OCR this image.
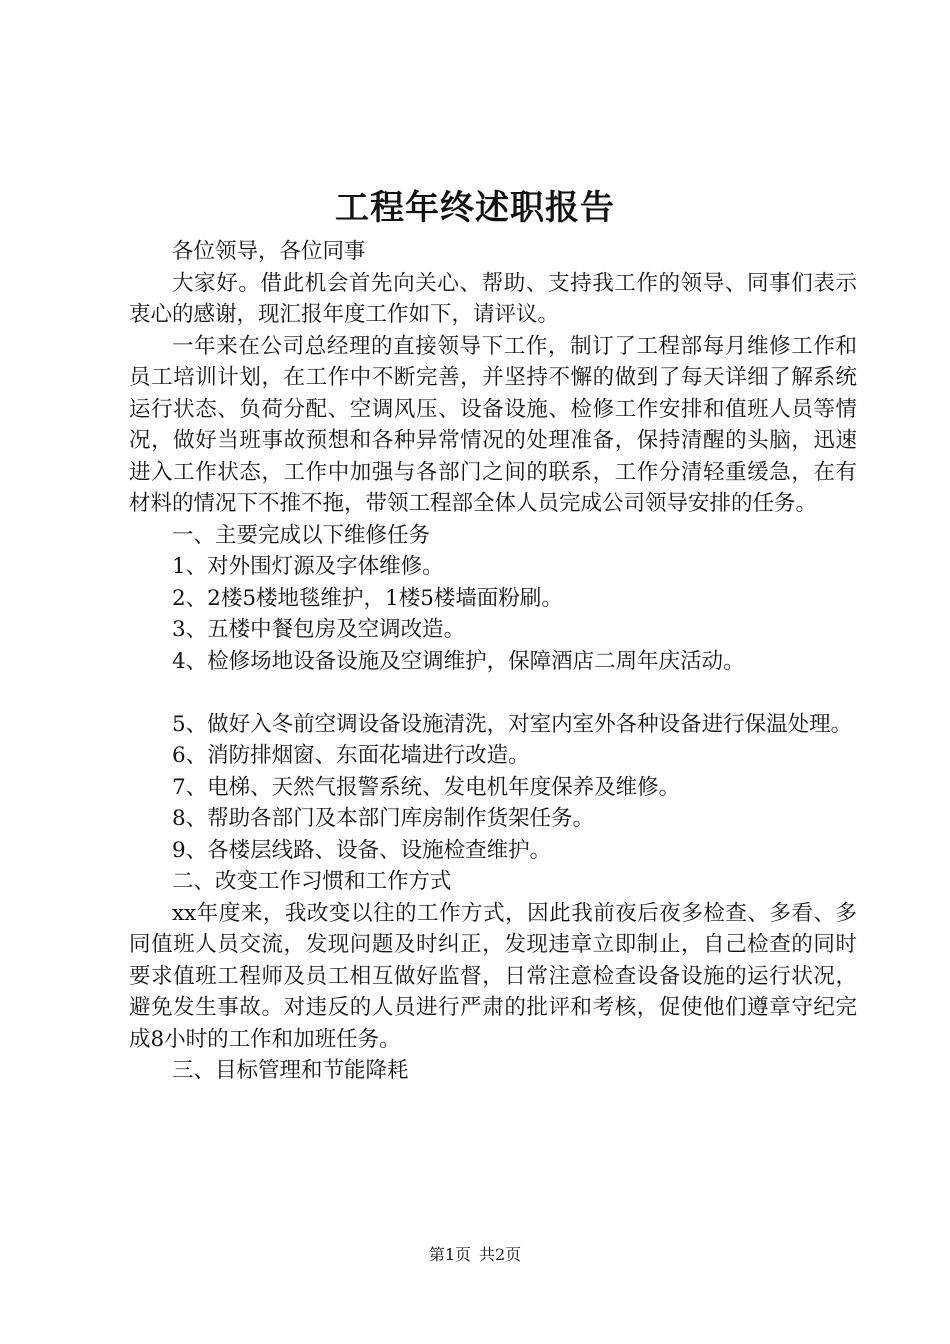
工程年终述职报告

各位领导，各位同事

大家好。借此机会首先向关心、帮助、支持我工作的领导、同事们表示衷心的感谢，现汇报年度工作如下，请评议。

一年来在公司总经理的直接领导下工作，制订了工程部每月维修工作和员工培训计划，在工作中不断完善，并坚持不懈的做到了每天详细了解系统运行状态、负荷分配、空调风压、设备设施、检修工作安排和值班人员等情况，做好当班事故预想和各种异常情况的处理准备，保持清醒的头脑，迅速进入工作状态，工作中加强与各部门之间的联系，工作分清轻重缓急，在有材料的情况下不推不拖，带领工程部全体人员完成公司领导安排的任务。

一、主要完成以下维修任务

1、对外围灯源及字体维修。

2、2楼5楼地毯维护，1楼5楼墙面粉刷。

3、五楼中餐包房及空调改造。

4、检修场地设备设施及空调维护，保障酒店二周年庆活动。

5、做好入冬前空调设备设施清洗，对室内室外各种设备进行保温处理。

6、消防排烟窗、东面花墙进行改造。

7、电梯、天然气报警系统、发电机年度保养及维修。

8、帮助各部门及本部门库房制作货架任务。

9、各楼层线路、设备、设施检查维护。

二、改变工作习惯和工作方式

xx年度来，我改变以往的工作方式，因此我前夜后夜多检查、多看、多同值班人员交流，发现问题及时纠正，发现违章立即制止，自己检查的同时要求值班工程师及员工相互做好监督，日常注意检查设备设施的运行状况，避免发生事故。对违反的人员进行严肃的批评和考核，促使他们遵章守纪完成8小时的工作和加班任务。

三、目标管理和节能降耗

第1页 共2页
